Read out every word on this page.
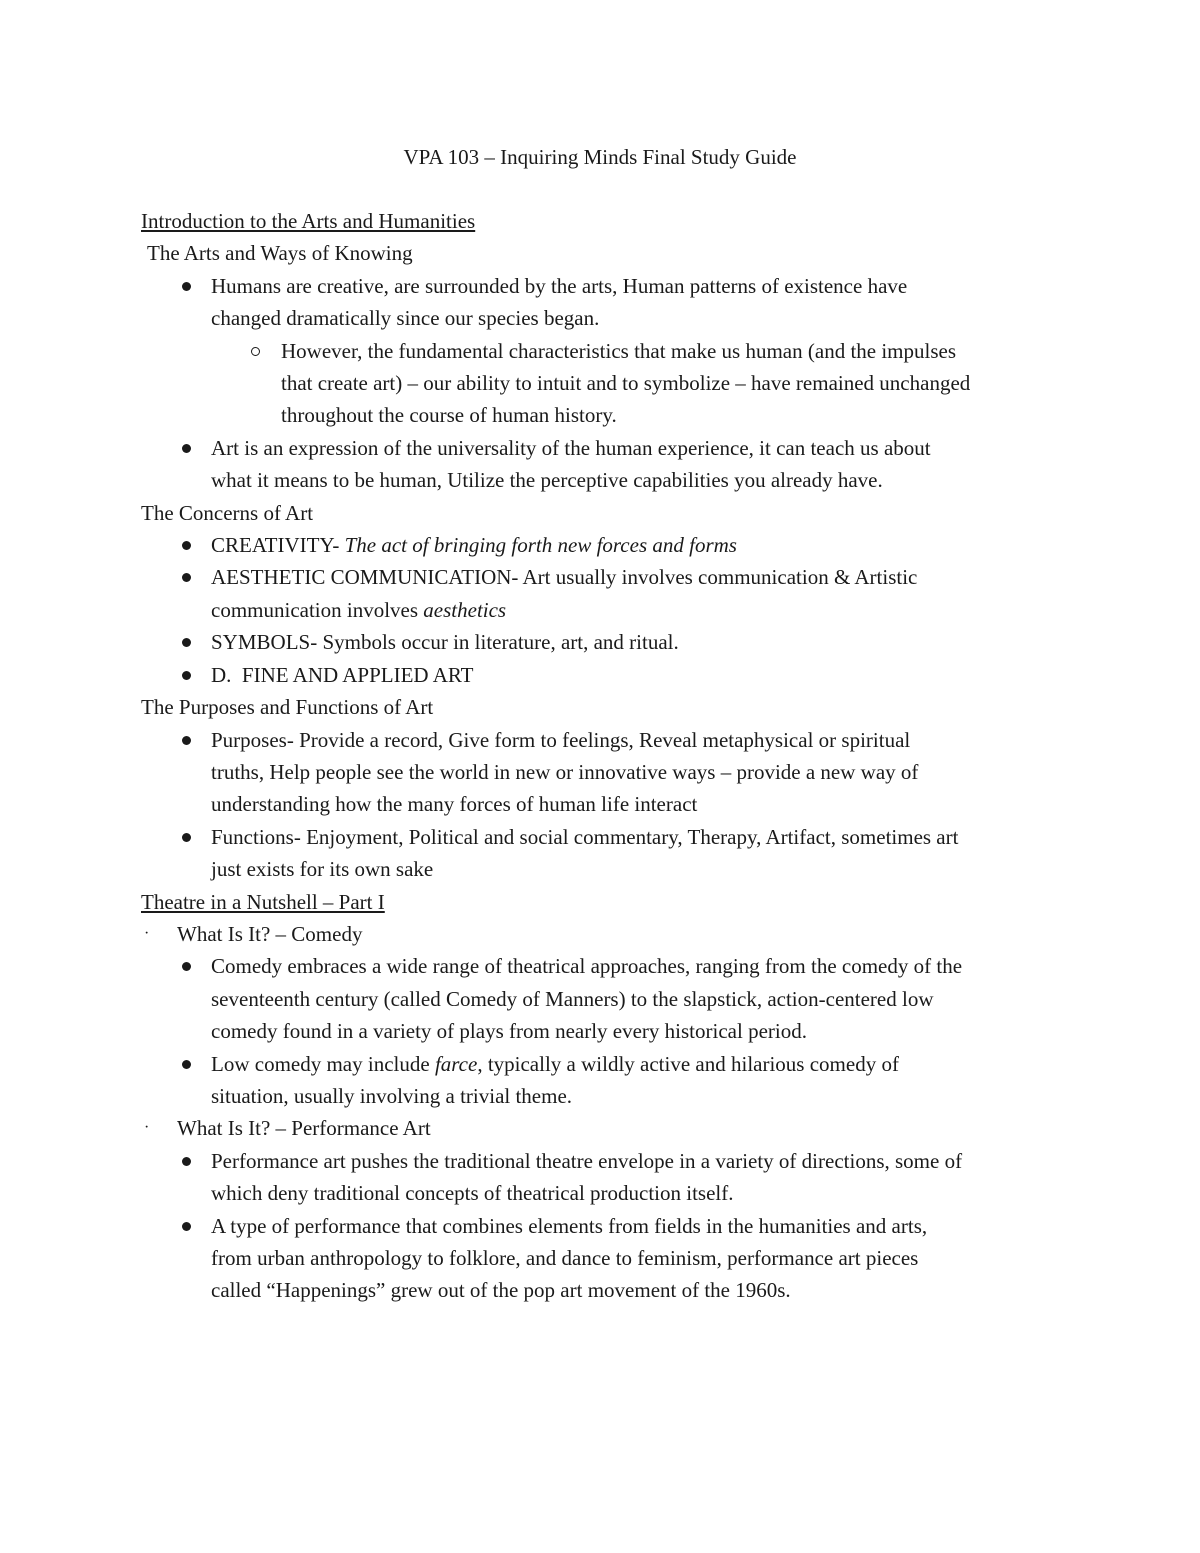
VPA 103 – Inquiring Minds Final Study Guide
Introduction to the Arts and Humanities
The Arts and Ways of Knowing
Humans are creative, are surrounded by the arts, Human patterns of existence have
changed dramatically since our species began.
However, the fundamental characteristics that make us human (and the impulses
that create art) – our ability to intuit and to symbolize – have remained unchanged
throughout the course of human history.
Art is an expression of the universality of the human experience, it can teach us about
what it means to be human, Utilize the perceptive capabilities you already have.
The Concerns of Art
CREATIVITY- The act of bringing forth new forces and forms
AESTHETIC COMMUNICATION- Art usually involves communication & Artistic
communication involves aesthetics
SYMBOLS- Symbols occur in literature, art, and ritual.
D.  FINE AND APPLIED ART
The Purposes and Functions of Art
Purposes- Provide a record, Give form to feelings, Reveal metaphysical or spiritual
truths, Help people see the world in new or innovative ways – provide a new way of
understanding how the many forces of human life interact
Functions- Enjoyment, Political and social commentary, Therapy, Artifact, sometimes art
just exists for its own sake
Theatre in a Nutshell – Part I
· What Is It? – Comedy
Comedy embraces a wide range of theatrical approaches, ranging from the comedy of the
seventeenth century (called Comedy of Manners) to the slapstick, action-centered low
comedy found in a variety of plays from nearly every historical period.
Low comedy may include farce, typically a wildly active and hilarious comedy of
situation, usually involving a trivial theme.
· What Is It? – Performance Art
Performance art pushes the traditional theatre envelope in a variety of directions, some of
which deny traditional concepts of theatrical production itself.
A type of performance that combines elements from fields in the humanities and arts,
from urban anthropology to folklore, and dance to feminism, performance art pieces
called “Happenings” grew out of the pop art movement of the 1960s.
